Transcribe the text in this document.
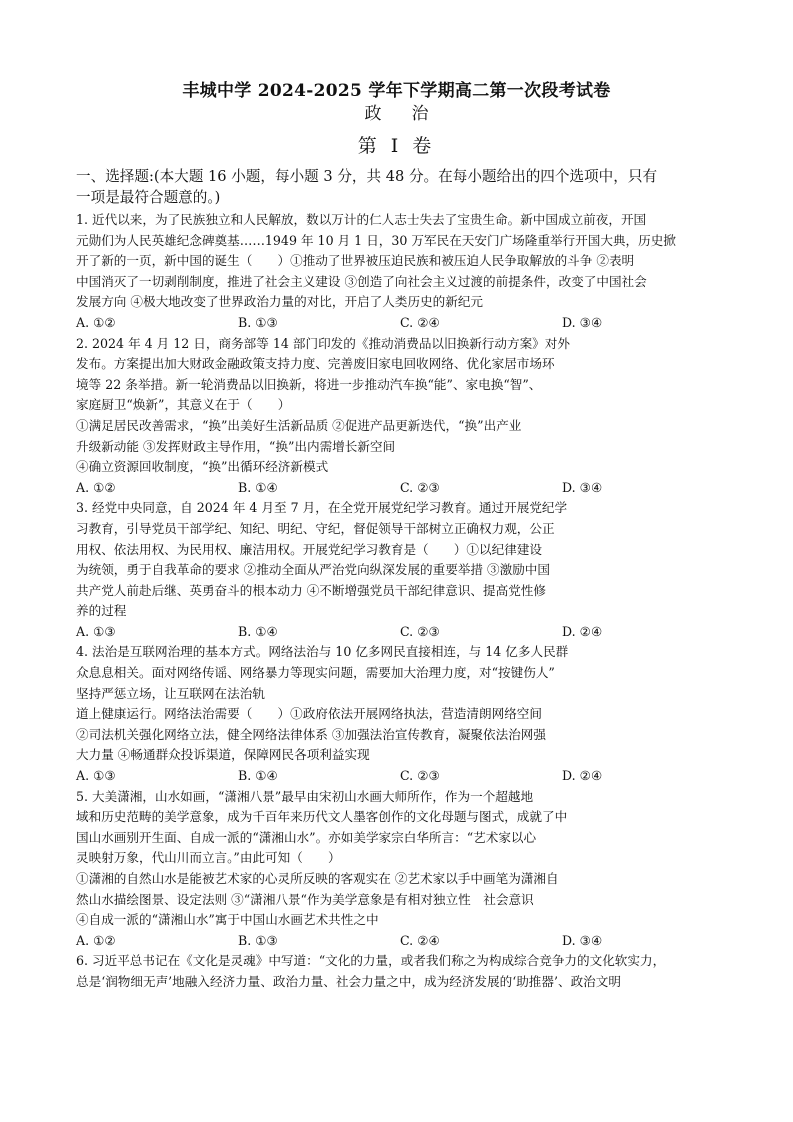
丰城中学 2024-2025 学年下学期高二第一次段考试卷
政 治
第 I 卷
一、选择题:(本大题 16 小题，每小题 3 分，共 48 分。在每小题给出的四个选项中，只有
一项是最符合题意的。)
1. 近代以来，为了民族独立和人民解放，数以万计的仁人志士失去了宝贵生命。新中国成立前夜，开国
元勋们为人民英雄纪念碑奠基……1949 年 10 月 1 日，30 万军民在天安门广场隆重举行开国大典，历史掀
开了新的一页，新中国的诞生（　　）①推动了世界被压迫民族和被压迫人民争取解放的斗争 ②表明
中国消灭了一切剥削制度，推进了社会主义建设 ③创造了向社会主义过渡的前提条件，改变了中国社会
发展方向 ④极大地改变了世界政治力量的对比，开启了人类历史的新纪元
A. ①②	B. ①③	C. ②④	D. ③④
2. 2024 年 4 月 12 日，商务部等 14 部门印发的《推动消费品以旧换新行动方案》对外
发布。方案提出加大财政金融政策支持力度、完善废旧家电回收网络、优化家居市场环
境等 22 条举措。新一轮消费品以旧换新，将进一步推动汽车换“能”、家电换“智”、
家庭厨卫“焕新”，其意义在于（　　）
①满足居民改善需求，“换”出美好生活新品质 ②促进产品更新迭代，“换”出产业
升级新动能 ③发挥财政主导作用，“换”出内需增长新空间
④确立资源回收制度，“换”出循环经济新模式
A. ①②	B. ①④	C. ②③	D. ③④
3. 经党中央同意，自 2024 年 4 月至 7 月，在全党开展党纪学习教育。通过开展党纪学
习教育，引导党员干部学纪、知纪、明纪、守纪，督促领导干部树立正确权力观，公正
用权、依法用权、为民用权、廉洁用权。开展党纪学习教育是（　　）①以纪律建设
为统领，勇于自我革命的要求 ②推动全面从严治党向纵深发展的重要举措 ③激励中国
共产党人前赴后继、英勇奋斗的根本动力 ④不断增强党员干部纪律意识、提高党性修
养的过程
A. ①③	B. ①④	C. ②③	D. ②④
4. 法治是互联网治理的基本方式。网络法治与 10 亿多网民直接相连，与 14 亿多人民群
众息息相关。面对网络传谣、网络暴力等现实问题，需要加大治理力度，对“按键伤人”
坚持严惩立场，让互联网在法治轨
道上健康运行。网络法治需要（　　）①政府依法开展网络执法，营造清朗网络空间
②司法机关强化网络立法，健全网络法律体系 ③加强法治宣传教育，凝聚依法治网强
大力量 ④畅通群众投诉渠道，保障网民各项利益实现
A. ①③	B. ①④	C. ②③	D. ②④
5. 大美潇湘，山水如画，“潇湘八景”最早由宋初山水画大师所作，作为一个超越地
域和历史范畴的美学意象，成为千百年来历代文人墨客创作的文化母题与图式，成就了中
国山水画别开生面、自成一派的“潇湘山水”。亦如美学家宗白华所言：“艺术家以心
灵映射万象，代山川而立言。”由此可知（　　）
①潇湘的自然山水是能被艺术家的心灵所反映的客观实在 ②艺术家以手中画笔为潇湘自
然山水描绘图景、设定法则 ③“潇湘八景“作为美学意象是有相对独立性　社会意识
④自成一派的“潇湘山水”寓于中国山水画艺术共性之中
A. ①②	B. ①③	C. ②④	D. ③④
6. 习近平总书记在《文化是灵魂》中写道：“文化的力量，或者我们称之为构成综合竞争力的文化软实力，
总是‘润物细无声’地融入经济力量、政治力量、社会力量之中，成为经济发展的‘助推器’、政治文明
